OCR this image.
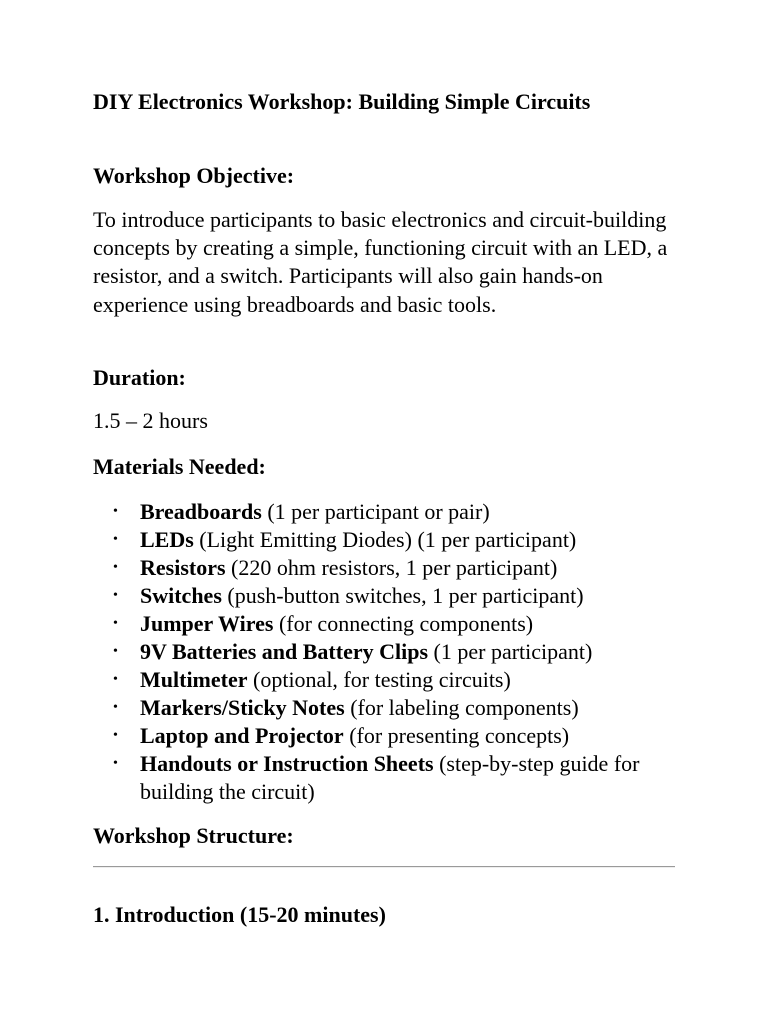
DIY Electronics Workshop: Building Simple Circuits
Workshop Objective:

To introduce participants to basic electronics and circuit-building concepts by creating a simple, functioning circuit with an LED, a resistor, and a switch. Participants will also gain hands-on experience using breadboards and basic tools.

Duration:

1.5 – 2 hours

Materials Needed:
• Breadboards (1 per participant or pair)
• LEDs (Light Emitting Diodes) (1 per participant)
• Resistors (220 ohm resistors, 1 per participant)
• Switches (push-button switches, 1 per participant)
• Jumper Wires (for connecting components)
• 9V Batteries and Battery Clips (1 per participant)
• Multimeter (optional, for testing circuits)
• Markers/Sticky Notes (for labeling components)
• Laptop and Projector (for presenting concepts)
• Handouts or Instruction Sheets (step-by-step guide for building the circuit)
Workshop Structure:
1. Introduction (15-20 minutes)
